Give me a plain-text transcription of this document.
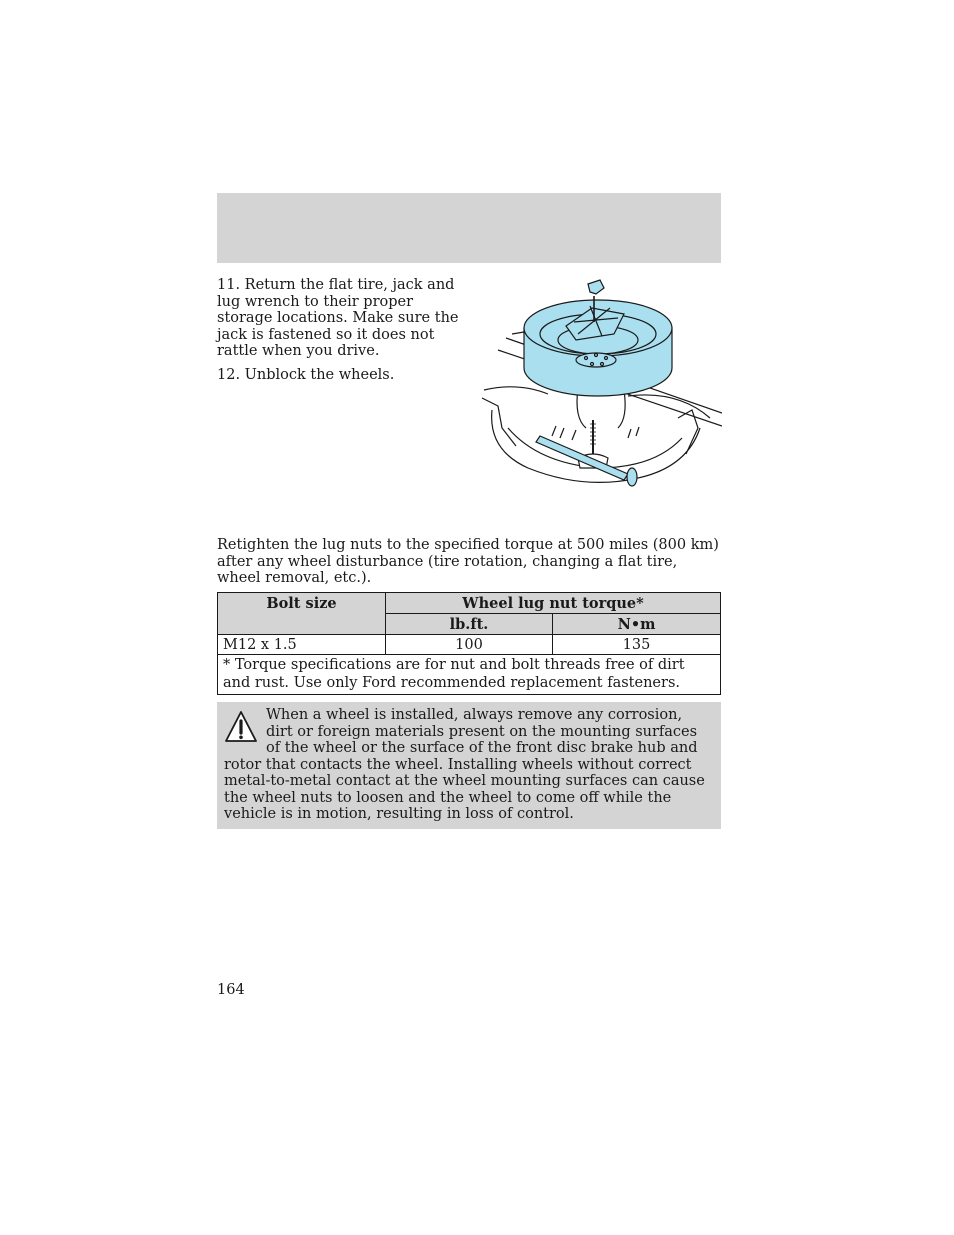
11. Return the flat tire, jack and lug wrench to their proper storage locations. Make sure the jack is fastened so it does not rattle when you drive.

12. Unblock the wheels.

Retighten the lug nuts to the specified torque at 500 miles (800 km) after any wheel disturbance (tire rotation, changing a flat tire, wheel removal, etc.).
Bolt size	Wheel lug nut torque*	
	lb.ft.	N•m
M12 x 1.5	100	135
* Torque specifications are for nut and bolt threads free of dirt and rust. Use only Ford recommended replacement fasteners.		
When a wheel is installed, always remove any corrosion, dirt or foreign materials present on the mounting surfaces of the wheel or the surface of the front disc brake hub and rotor that contacts the wheel. Installing wheels without correct metal-to-metal contact at the wheel mounting surfaces can cause the wheel nuts to loosen and the wheel to come off while the vehicle is in motion, resulting in loss of control.
164
